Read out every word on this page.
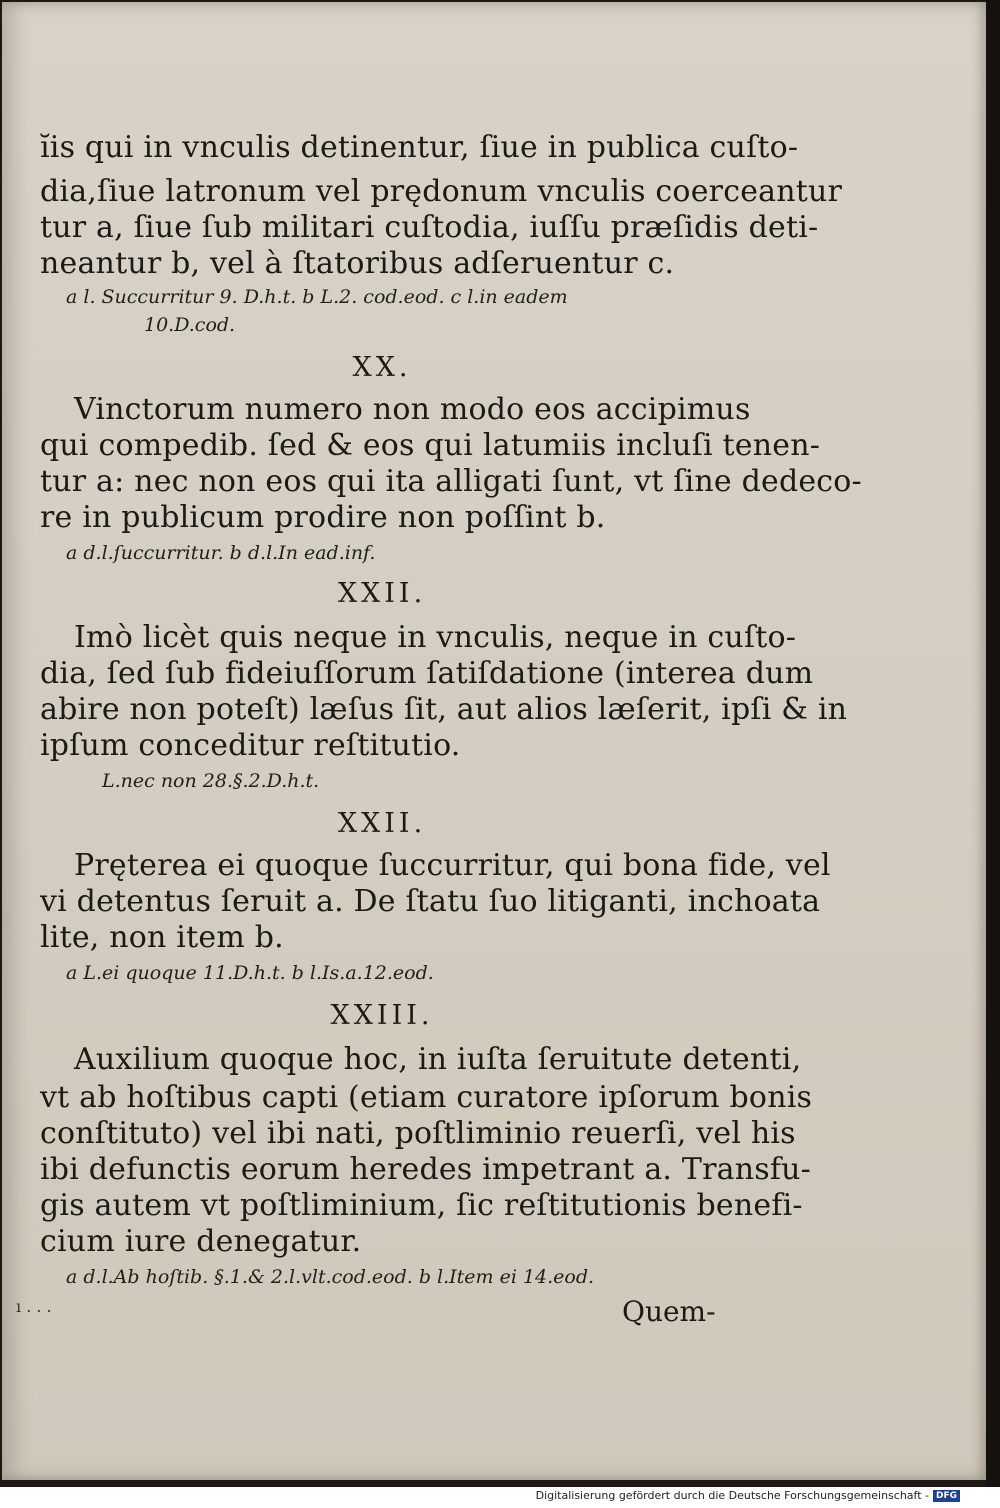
ĭis qui in vnculis detinentur, ſiue in publica cuſto-
dia,ſiue latronum vel prędonum vnculis coerceantur
tur a, ſiue ſub militari cuſtodia, iuſſu præſidis deti-
neantur b, vel à ſtatoribus adſeruentur c.
a l. Succurritur 9. D.h.t. b L.2. cod.eod. c l.in eadem
10.D.cod.
XX.
Vinctorum numero non modo eos accipimus
qui compedib. ſed & eos qui latumiis incluſi tenen-
tur a: nec non eos qui ita alligati ſunt, vt ſine dedeco-
re in publicum prodire non poſſint b.
a d.l.ſuccurritur. b d.l.In ead.inf.
XXII.
Imò licèt quis neque in vnculis, neque in cuſto-
dia, ſed ſub fideiuſſorum ſatiſdatione (interea dum
abire non poteſt) læſus ſit, aut alios læſerit, ipſi & in
ipſum conceditur reſtitutio.
L.nec non 28.§.2.D.h.t.
XXII.
Pręterea ei quoque ſuccurritur, qui bona fide, vel
vi detentus ſeruit a. De ſtatu ſuo litiganti, inchoata
lite, non item b.
a L.ei quoque 11.D.h.t. b l.Is.a.12.eod.
XXIII.
Auxilium quoque hoc, in iuſta ſeruitute detenti,
vt ab hoſtibus capti (etiam curatore ipſorum bonis
conſtituto) vel ibi nati, poſtliminio reuerſi, vel his
ibi defunctis eorum heredes impetrant a. Transfu-
gis autem vt poſtliminium, ſic reſtitutionis benefi-
cium iure denegatur.
a d.l.Ab hoſtib. §.1.& 2.l.vlt.cod.eod. b l.Item ei 14.eod.
Quem-
ı . . .
Digitalisierung gefördert durch die Deutsche Forschungsgemeinschaft - DFG
